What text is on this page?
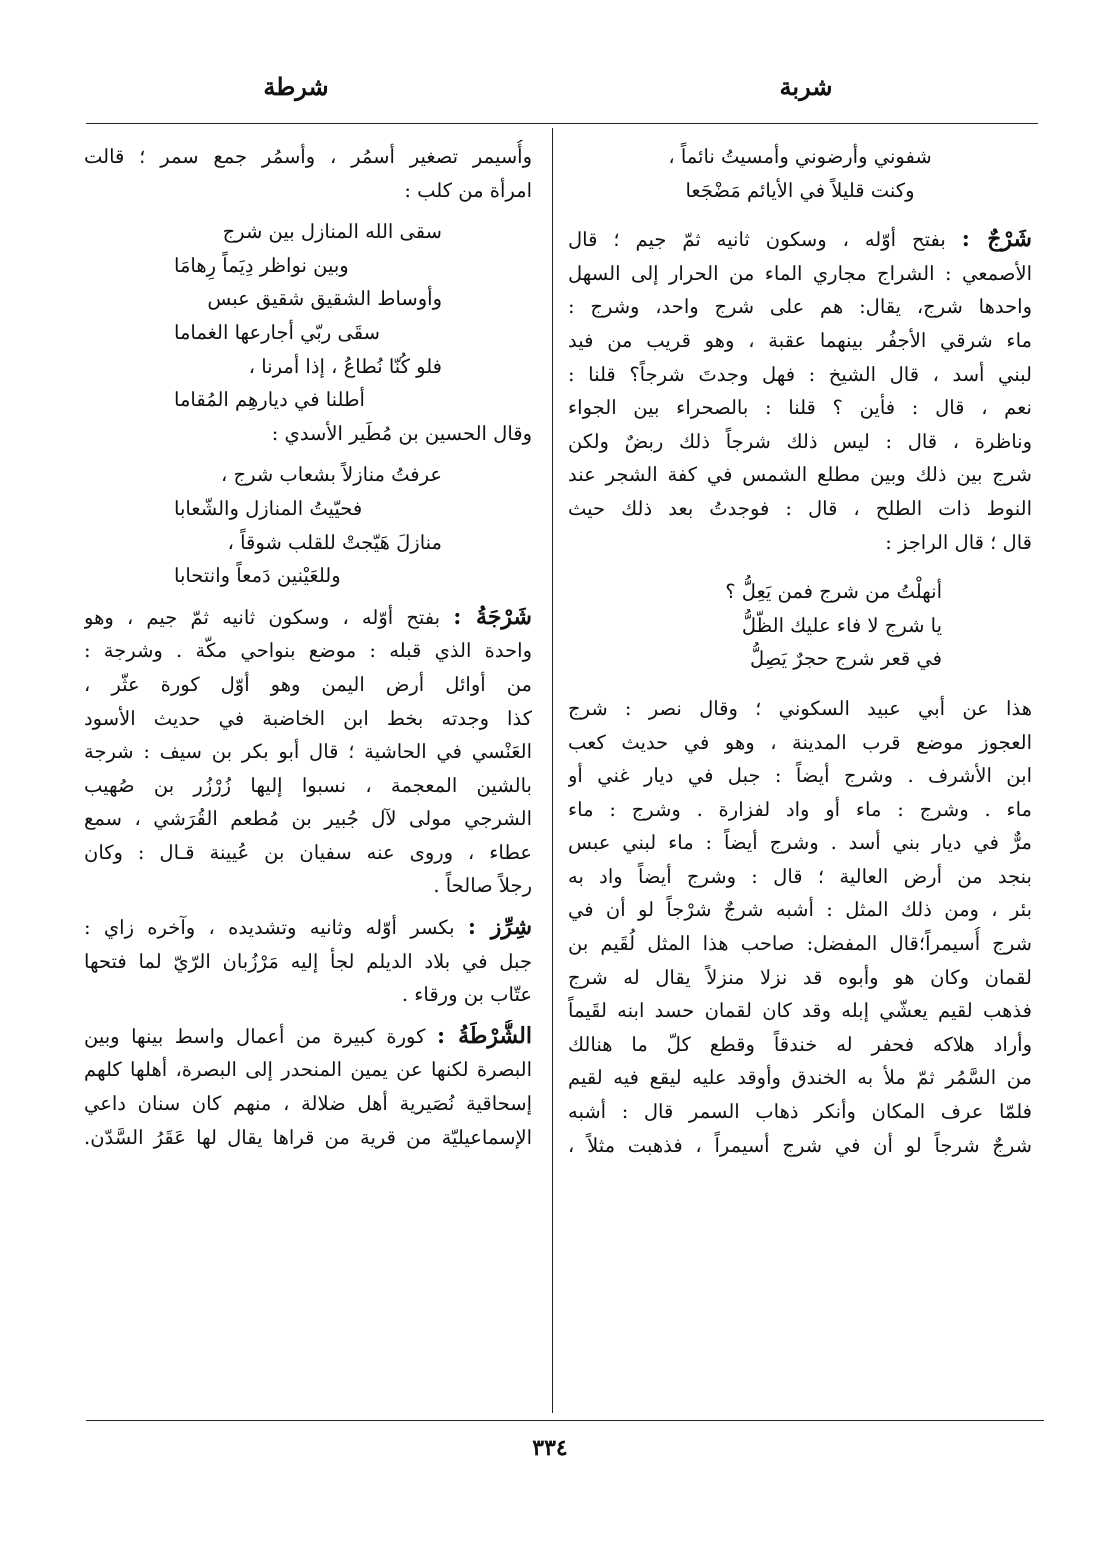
شربة
شرطة
شفوني وأرضوني وأمسيتُ نائماً ،
وكنت قليلاً في الأيائم مَضْجَعا
شَرْجٌ : بفتح أوّله ، وسكون ثانيه ثمّ جيم ؛ قال
الأصمعي : الشراج مجاري الماء من الحرار إلى السهل
واحدها شرج، يقال: هم على شرج واحد، وشرج :
ماء شرقي الأجفُر بينهما عقبة ، وهو قريب من فيد
لبني أسد ، قال الشيخ : فهل وجدتَ شرجاً؟ قلنا :
نعم ، قال : فأين ؟ قلنا : بالصحراء بين الجواء
وناظرة ، قال : ليس ذلك شرجاً ذلك ربضٌ ولكن
شرج بين ذلك وبين مطلع الشمس في كفة الشجر عند
النوط ذات الطلح ، قال : فوجدتُ بعد ذلك حيث
قال ؛ قال الراجز :
أنهلْتُ من شرج فمن يَعِلُّ ؟
يا شرج لا فاء عليك الظّلُّ
في قعر شرج حجرٌ يَصِلُّ
هذا عن أبي عبيد السكوني ؛ وقال نصر : شرج
العجوز موضع قرب المدينة ، وهو في حديث كعب
ابن الأشرف . وشرج أيضاً : جبل في ديار غني أو
ماء . وشرج : ماء أو واد لفزارة . وشرج : ماء
مرٌّ في ديار بني أسد . وشرج أيضاً : ماء لبني عبس
بنجد من أرض العالية ؛ قال : وشرج أيضاً واد به
بئر ، ومن ذلك المثل : أشبه شرجٌ شرْجاً لو أن في
شرج أُسيمراً؛قال المفضل: صاحب هذا المثل لُقَيم بن
لقمان وكان هو وأبوه قد نزلا منزلاً يقال له شرج
فذهب لقيم يعشّي إبله وقد كان لقمان حسد ابنه لقَيماً
وأراد هلاكه فحفر له خندقاً وقطع كلّ ما هنالك
من السَّمُر ثمّ ملأ به الخندق وأوقد عليه ليقع فيه لقيم
فلمّا عرف المكان وأنكر ذهاب السمر قال : أشبه
شرجٌ شرجاً لو أن في شرج أسيمراً ، فذهبت مثلاً ،
وأُسيمر تصغير أسمُر ، وأسمُر جمع سمر ؛ قالت
امرأة من كلب :
سقى الله المنازل بين شرج
وبين نواظر دِيَماً رِهامَا
وأوساط الشقيق شقيق عبس
سقَى ربّي أجارعها الغماما
فلو كُنّا نُطاعُ ، إذا أمرنا ،
أطلنا في ديارهِم المُقاما
وقال الحسين بن مُطَير الأسدي :
عرفتُ منازلاً بشعاب شرج ،
فحيّيتُ المنازل والشّعابا
منازلَ هَيّجتْ للقلب شوقاً ،
وللعَيْنين دَمعاً وانتحابا
شَرْجَةُ : بفتح أوّله ، وسكون ثانيه ثمّ جيم ، وهو
واحدة الذي قبله : موضع بنواحي مكّة . وشرجة :
من أوائل أرض اليمن وهو أوّل كورة عثّر ،
كذا وجدته بخط ابن الخاضبة في حديث الأسود
العَنْسي في الحاشية ؛ قال أبو بكر بن سيف : شرجة
بالشين المعجمة ، نسبوا إليها زُرْزُر بن صُهيب
الشرجي مولى لآل جُبير بن مُطعم القُرَشي ، سمع
عطاء ، وروى عنه سفيان بن عُيينة قـال : وكان
رجلاً صالحاً .
شِرِّز : بكسر أوّله وثانيه وتشديده ، وآخره زاي :
جبل في بلاد الديلم لجأ إليه مَرْزُبان الرّيّ لما فتحها
عتّاب بن ورقاء .
الشُّرْطَةُ : كورة كبيرة من أعمال واسط بينها وبين
البصرة لكنها عن يمين المنحدر إلى البصرة، أهلها كلهم
إسحاقية نُصَيرية أهل ضلالة ، منهم كان سنان داعي
الإسماعيليّة من قرية من قراها يقال لها عَقَرُ السَّدّن.
٣٣٤
